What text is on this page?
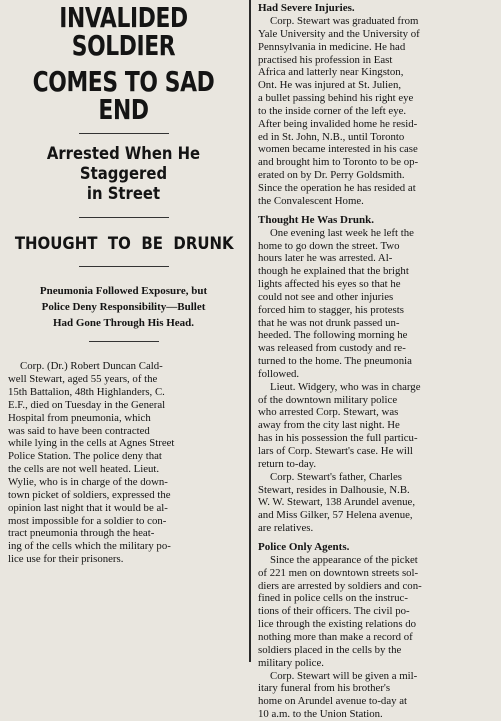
INVALIDED SOLDIER
COMES TO SAD END
Arrested When He Staggered
in Street
THOUGHT TO BE DRUNK
Pneumonia Followed Exposure, but
Police Deny Responsibility—Bullet
Had Gone Through His Head.
Corp. (Dr.) Robert Duncan Cald-
well Stewart, aged 55 years, of the
15th Battalion, 48th Highlanders, C.
E.F., died on Tuesday in the General
Hospital from pneumonia, which
was said to have been contracted
while lying in the cells at Agnes Street
Police Station. The police deny that
the cells are not well heated. Lieut.
Wylie, who is in charge of the down-
town picket of soldiers, expressed the
opinion last night that it would be al-
most impossible for a soldier to con-
tract pneumonia through the heat-
ing of the cells which the military po-
lice use for their prisoners.
Had Severe Injuries.
Corp. Stewart was graduated from
Yale University and the University of
Pennsylvania in medicine. He had
practised his profession in East
Africa and latterly near Kingston,
Ont. He was injured at St. Julien,
a bullet passing behind his right eye
to the inside corner of the left eye.
After being invalided home he resid-
ed in St. John, N.B., until Toronto
women became interested in his case
and brought him to Toronto to be op-
erated on by Dr. Perry Goldsmith.
Since the operation he has resided at
the Convalescent Home.
Thought He Was Drunk.
One evening last week he left the
home to go down the street. Two
hours later he was arrested. Al-
though he explained that the bright
lights affected his eyes so that he
could not see and other injuries
forced him to stagger, his protests
that he was not drunk passed un-
heeded. The following morning he
was released from custody and re-
turned to the home. The pneumonia
followed.
Lieut. Widgery, who was in charge
of the downtown military police
who arrested Corp. Stewart, was
away from the city last night. He
has in his possession the full particu-
lars of Corp. Stewart's case. He will
return to-day.
Corp. Stewart's father, Charles
Stewart, resides in Dalhousie, N.B.
W. W. Stewart, 138 Arundel avenue,
and Miss Gilker, 57 Helena avenue,
are relatives.
Police Only Agents.
Since the appearance of the picket
of 221 men on downtown streets sol-
diers are arrested by soldiers and con-
fined in police cells on the instruc-
tions of their officers. The civil po-
lice through the existing relations do
nothing more than make a record of
soldiers placed in the cells by the
military police.
Corp. Stewart will be given a mil-
itary funeral from his brother's
home on Arundel avenue to-day at
10 a.m. to the Union Station.
